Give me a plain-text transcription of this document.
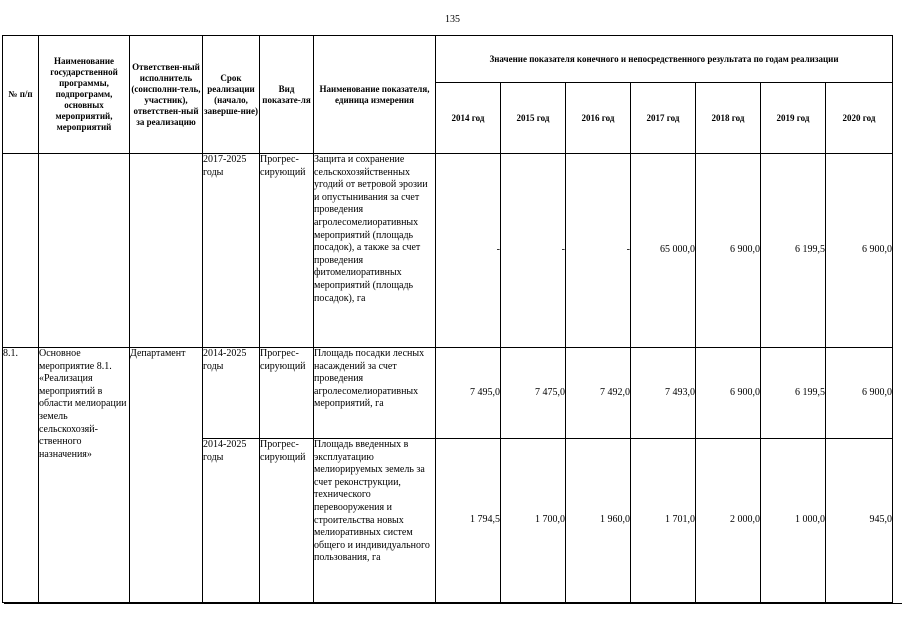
135
№ п/п	Наименование государственной программы, подпрограмм, основных мероприятий, мероприятий	Ответствен-ный исполнитель (соисполни-тель, участник), ответствен-ный за реализацию	Срок реализации (начало, заверше-ние)	Вид показате-ля	Наименование показателя, единица измерения	Значение показателя конечного и непосредственного результата по годам реализации						
						2014 год	2015 год	2016 год	2017 год	2018 год	2019 год	2020 год
			2017-2025 годы	Прогрес-сирующий	Защита и сохранение сельскохозяйственных угодий от ветровой эрозии и опустынивания за счет проведения агролесомелиоративных мероприятий (площадь посадок), а также за счет проведения фитомелиоративных мероприятий (площадь посадок), га	-	-	-	65 000,0	6 900,0	6 199,5	6 900,0
8.1.	Основное мероприятие 8.1. «Реализация мероприятий в области мелиорации земель сельскохозяй-ственного назначения»	Департамент	2014-2025 годы	Прогрес-сирующий	Площадь посадки лесных насаждений за счет проведения агролесомелиоративных мероприятий, га	7 495,0	7 475,0	7 492,0	7 493,0	6 900,0	6 199,5	6 900,0
			2014-2025 годы	Прогрес-сирующий	Площадь введенных в эксплуатацию мелиорируемых земель за счет реконструкции, технического перевооружения и строительства новых мелиоративных систем общего и индивидуального пользования, га	1 794,5	1 700,0	1 960,0	1 701,0	2 000,0	1 000,0	945,0
